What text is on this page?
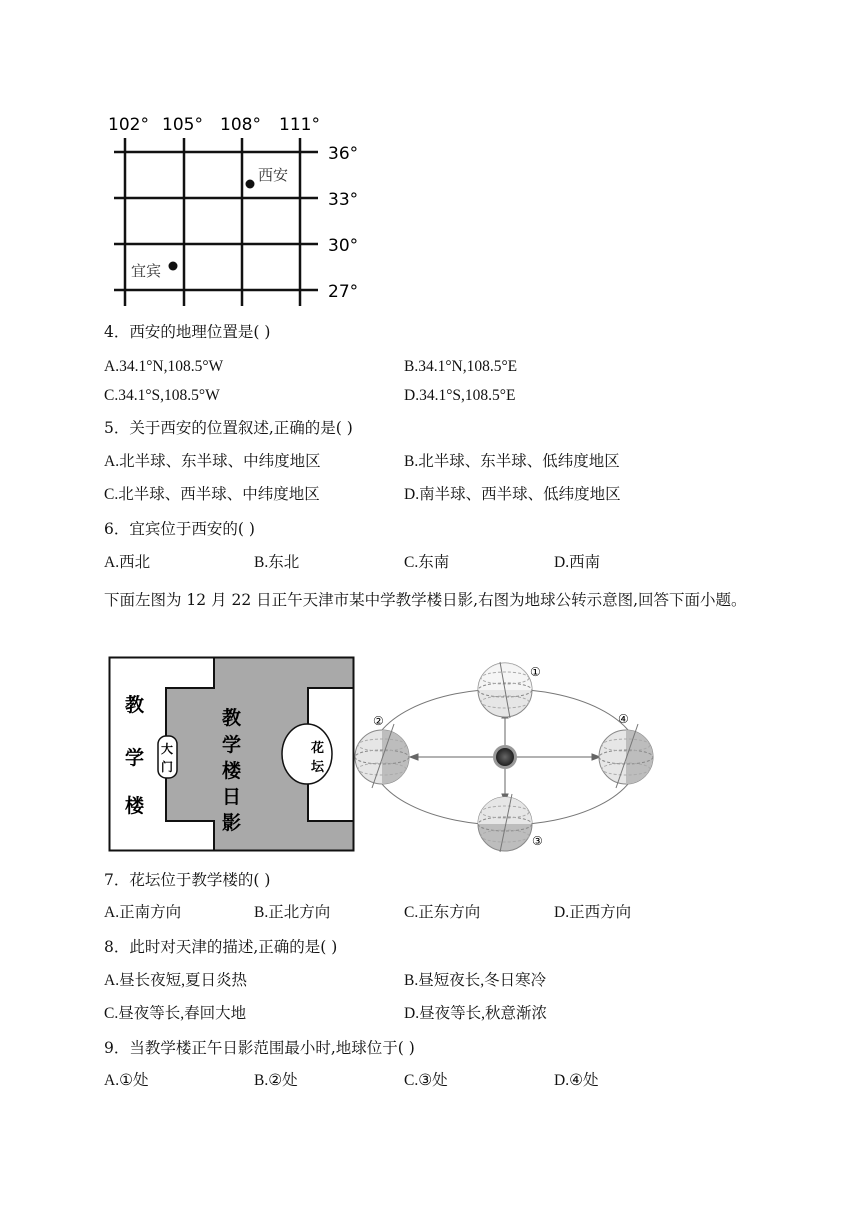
102° 105° 108° 111°
36°
33°
30°
27°
西安
宜宾
4．西安的地理位置是( )
A.34.1°N,108.5°W	B.34.1°N,108.5°E
C.34.1°S,108.5°W	D.34.1°S,108.5°E
5．关于西安的位置叙述,正确的是( )
A.北半球、东半球、中纬度地区	B.北半球、东半球、低纬度地区
C.北半球、西半球、中纬度地区	D.南半球、西半球、低纬度地区
6．宜宾位于西安的( )
A.西北	B.东北	C.东南	D.西南
下面左图为 12 月 22 日正午天津市某中学教学楼日影,右图为地球公转示意图,回答下面小题。
教
学
楼
大
门
教
学
楼
日
影
花
坛
①
②
③
④
7．花坛位于教学楼的( )
A.正南方向	B.正北方向	C.正东方向	D.正西方向
8．此时对天津的描述,正确的是( )
A.昼长夜短,夏日炎热	B.昼短夜长,冬日寒冷
C.昼夜等长,春回大地	D.昼夜等长,秋意渐浓
9．当教学楼正午日影范围最小时,地球位于( )
A.①处	B.②处	C.③处	D.④处
